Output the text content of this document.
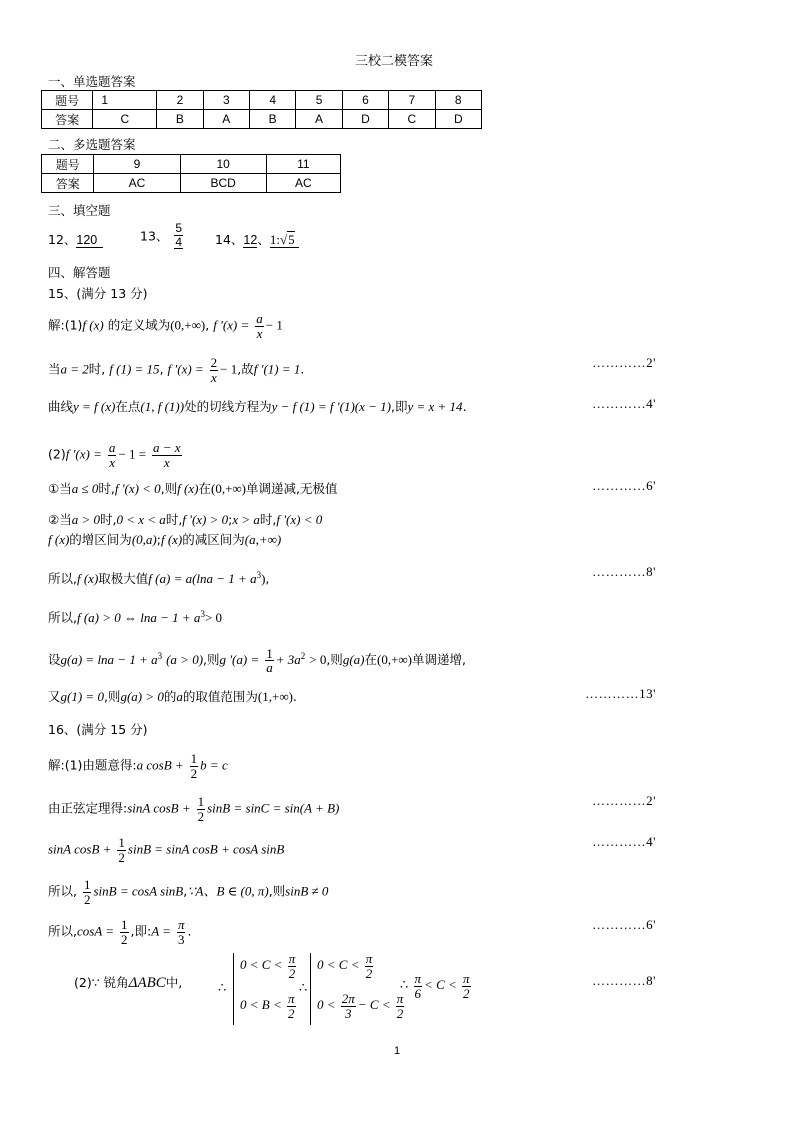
三校二模答案
一、单选题答案
题号	1	2	3	4	5	6	7	8
答案	C	B	A	B	A	D	C	D
二、多选题答案
题号	9	10	11
答案	AC	BCD	AC
三、填空题
12、120	13、 $\frac{5}{4}$	14、12、1:√5
四、解答题
15、(满分 13 分)
解:(1)f (x) 的定义域为(0,+∞), f '$(x) = \frac{a}{x} - 1$
当a = 2时, f (1) = 15, f $'(x) = \frac{2}{x} - 1$,故f ′(1) = 1.	…………2'
曲线y = f (x)在点(1, f (1))处的切线方程为y − f (1) = f ′(1)(x − 1),即y = x + 14.	…………4'
(2)f $'(x) = \frac{a}{x} - 1 = \frac{a - x}{x}$
①当a ≤ 0时,f '(x) < 0,则f (x)在(0,+∞)单调递减,无极值	…………6'
②当a > 0时,0 < x < a时,f '(x) > 0;x > a时,f '(x) < 0
f (x)的增区间为(0,a);f (x)的减区间为(a,+∞)
所以,f (x)取极大值f $(a) = a(\ln a - 1 + a^3)$,	…………8'
所以,f (a) > 0 ⇔ $\ln a - 1 + a^3> 0$
设$g(a) = \ln a - 1 + a^3$ (a > 0),则g '$(a) = \frac{1}{a} + 3a^2 > 0$,则g(a)在(0,+∞)单调递增,
又g(1) = 0,则g(a) > 0的a的取值范围为(1,+∞).	…………13'
16、(满分 15 分)
解:(1)由题意得:a $\cos B + \frac{1}{2}$ b = c
由正弦定理得:sinA $\cos B + \frac{1}{2}$ sinB = sinC = sin(A + B)
…………2'
sinA $\cos B + \frac{1}{2}$ sinB = sinA cosB + cosA sinB
…………4'
所以, $\frac{1}{2}$ sinB = cosA sinB,∵A、B ∈ (0, π),则sinB ≠ 0
所以$,\cos A = \frac{1}{2}$ ,即:A = $\frac{\pi}{3}$ .	…………6'
(2)∵ 锐角ΔABC中,	∴
$0 < C < \frac{\pi}{2}$
$0 < B < \frac{\pi}{2}$
∴
$0 < C < \frac{\pi}{2}$
$0 < \frac{2\pi}{3} - C < \frac{\pi}{2}$
∴ $\frac{\pi}{6} < C < \frac{\pi}{2}$	…………8'
1
